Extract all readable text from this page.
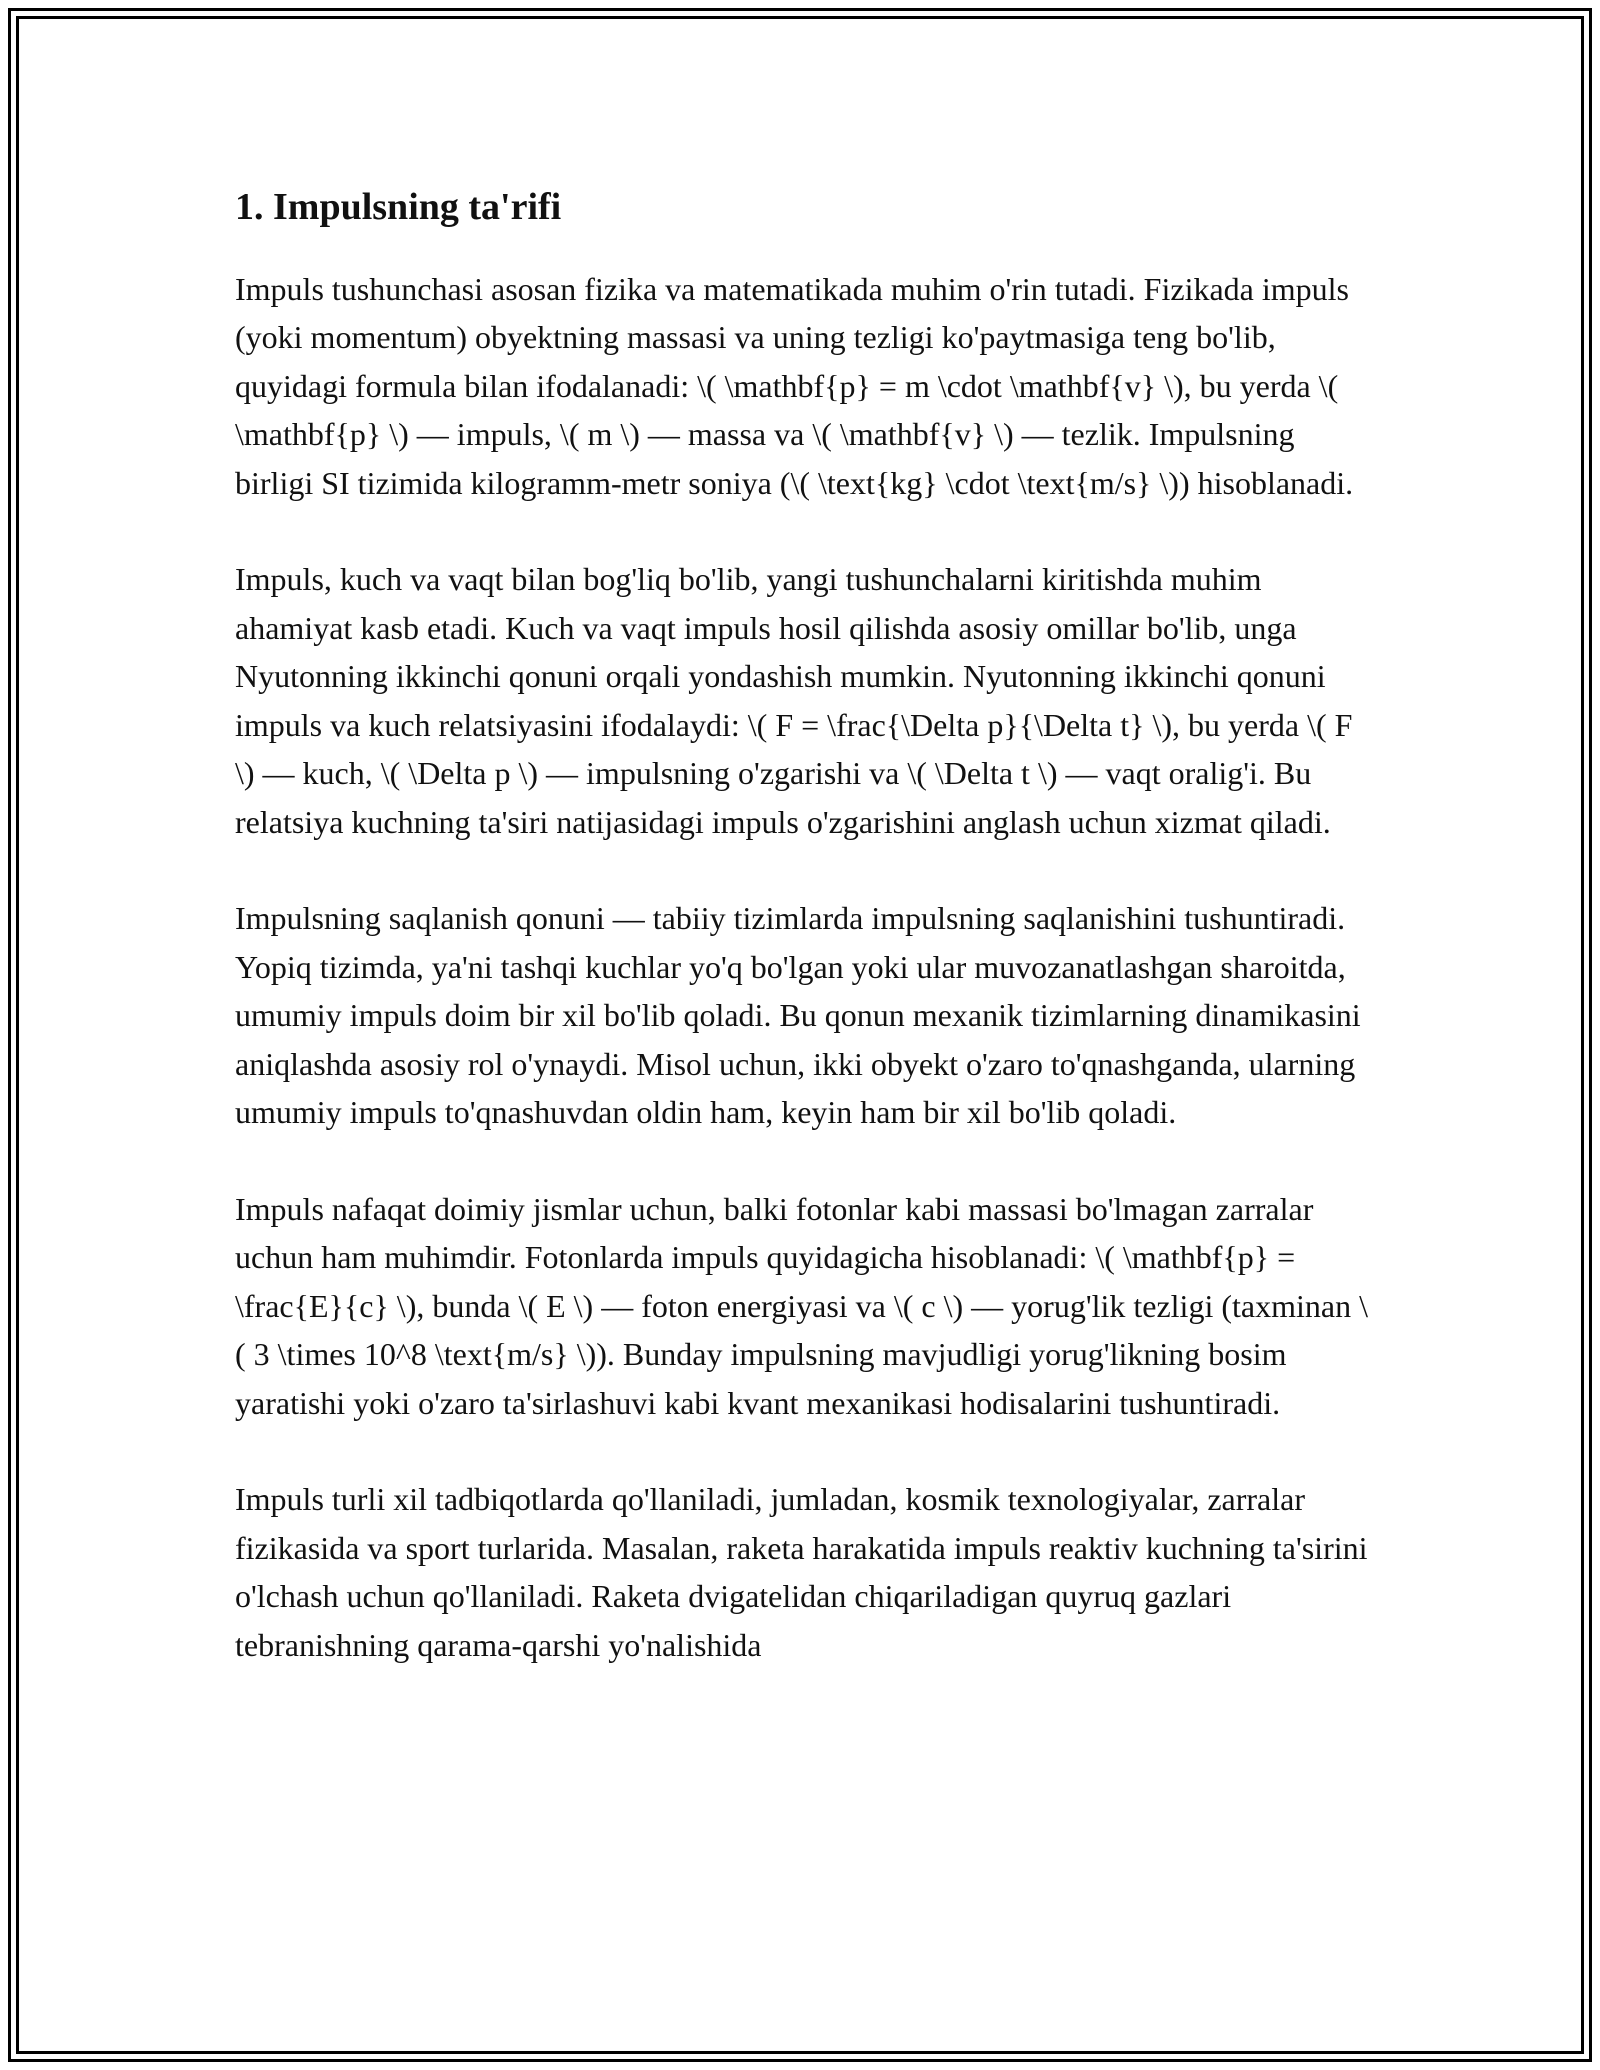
1. Impulsning ta'rifi

Impuls tushunchasi asosan fizika va matematikada muhim o'rin tutadi. Fizikada impuls (yoki momentum) obyektning massasi va uning tezligi ko'paytmasiga teng bo'lib, quyidagi formula bilan ifodalanadi: \( \mathbf{p} = m \cdot \mathbf{v} \), bu yerda \( \mathbf{p} \) — impuls, \( m \) — massa va \( \mathbf{v} \) — tezlik. Impulsning birligi SI tizimida kilogramm-metr soniya (\( \text{kg} \cdot \text{m/s} \)) hisoblanadi.

Impuls, kuch va vaqt bilan bog'liq bo'lib, yangi tushunchalarni kiritishda muhim ahamiyat kasb etadi. Kuch va vaqt impuls hosil qilishda asosiy omillar bo'lib, unga Nyutonning ikkinchi qonuni orqali yondashish mumkin. Nyutonning ikkinchi qonuni impuls va kuch relatsiyasini ifodalaydi: \( F = \frac{\Delta p}{\Delta t} \), bu yerda \( F \) — kuch, \( \Delta p \) — impulsning o'zgarishi va \( \Delta t \) — vaqt oralig'i. Bu relatsiya kuchning ta'siri natijasidagi impuls o'zgarishini anglash uchun xizmat qiladi.

Impulsning saqlanish qonuni — tabiiy tizimlarda impulsning saqlanishini tushuntiradi. Yopiq tizimda, ya'ni tashqi kuchlar yo'q bo'lgan yoki ular muvozanatlashgan sharoitda, umumiy impuls doim bir xil bo'lib qoladi. Bu qonun mexanik tizimlarning dinamikasini aniqlashda asosiy rol o'ynaydi. Misol uchun, ikki obyekt o'zaro to'qnashganda, ularning umumiy impuls to'qnashuvdan oldin ham, keyin ham bir xil bo'lib qoladi.

Impuls nafaqat doimiy jismlar uchun, balki fotonlar kabi massasi bo'lmagan zarralar uchun ham muhimdir. Fotonlarda impuls quyidagicha hisoblanadi: \( \mathbf{p} = \frac{E}{c} \), bunda \( E \) — foton energiyasi va \( c \) — yorug'lik tezligi (taxminan \( 3 \times 10^8 \text{m/s} \)). Bunday impulsning mavjudligi yorug'likning bosim yaratishi yoki o'zaro ta'sirlashuvi kabi kvant mexanikasi hodisalarini tushuntiradi.

Impuls turli xil tadbiqotlarda qo'llaniladi, jumladan, kosmik texnologiyalar, zarralar fizikasida va sport turlarida. Masalan, raketa harakatida impuls reaktiv kuchning ta'sirini o'lchash uchun qo'llaniladi. Raketa dvigatelidan chiqariladigan quyruq gazlari tebranishning qarama-qarshi yo'nalishida
